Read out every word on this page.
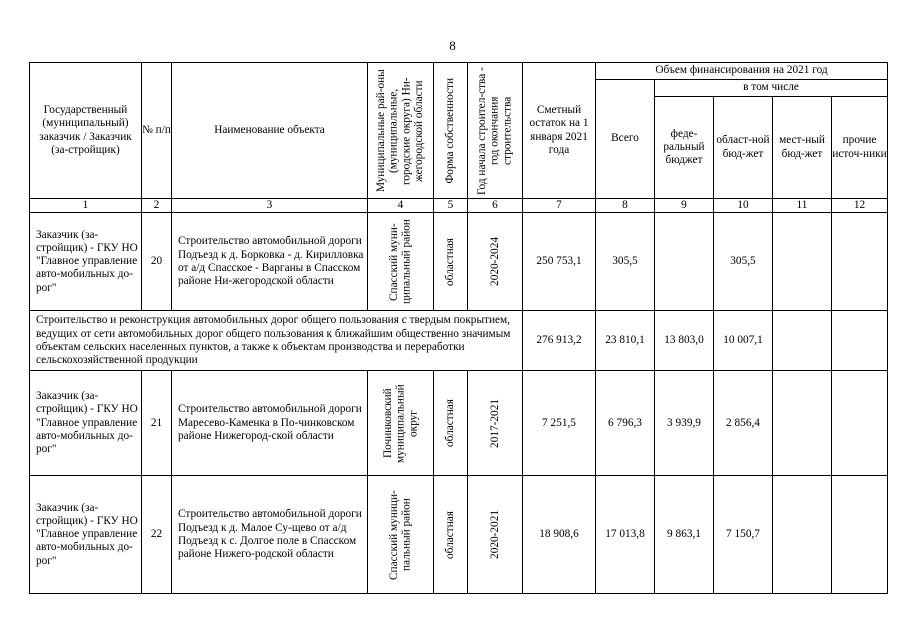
8
Государственный (муниципальный) заказчик / Заказчик (за-стройщик)	№ п/п	Наименование объекта	Муниципальные рай-оны (муниципальные, городские округа) Ни-жегородской области	Форма собственности	Год начала строител-ства - год окончания строительства	Сметный остаток на 1 января 2021 года	Объем финансирования на 2021 год				
							Всего	в том числе			
								феде-ральный бюджет	област-ной бюд-жет	мест-ный бюд-жет	прочие источ-ники
1	2	3	4	5	6	7	8	9	10	11	12
Заказчик (за-стройщик) - ГКУ НО "Главное управление авто-мобильных до-рог"	20	Строительство автомобильной дороги Подъезд к д. Борковка - д. Кирилловка от а/д Спасское - Варганы в Спасском районе Ни-жегородской области	Спасский муни-ципальный район	областная	2020-2024	250 753,1	305,5		305,5		
Строительство и реконструкция автомобильных дорог общего пользования с твердым покрытием, ведущих от сети автомобильных дорог общего пользования к ближайшим общественно значимым объектам сельских населенных пунктов, а также к объектам производства и переработки сельскохозяйственной продукции						276 913,2	23 810,1	13 803,0	10 007,1		
Заказчик (за-стройщик) - ГКУ НО "Главное управление авто-мобильных до-рог"	21	Строительство автомобильной дороги Маресево-Каменка в По-чинковском районе Нижегород-ской области	Починковский муниципальный округ	областная	2017-2021	7 251,5	6 796,3	3 939,9	2 856,4		
Заказчик (за-стройщик) - ГКУ НО "Главное управление авто-мобильных до-рог"	22	Строительство автомобильной дороги Подъезд к д. Малое Су-щево от а/д Подъезд к с. Долгое поле в Спасском районе Нижего-родской области	Спасский муници-пальный район	областная	2020-2021	18 908,6	17 013,8	9 863,1	7 150,7		
